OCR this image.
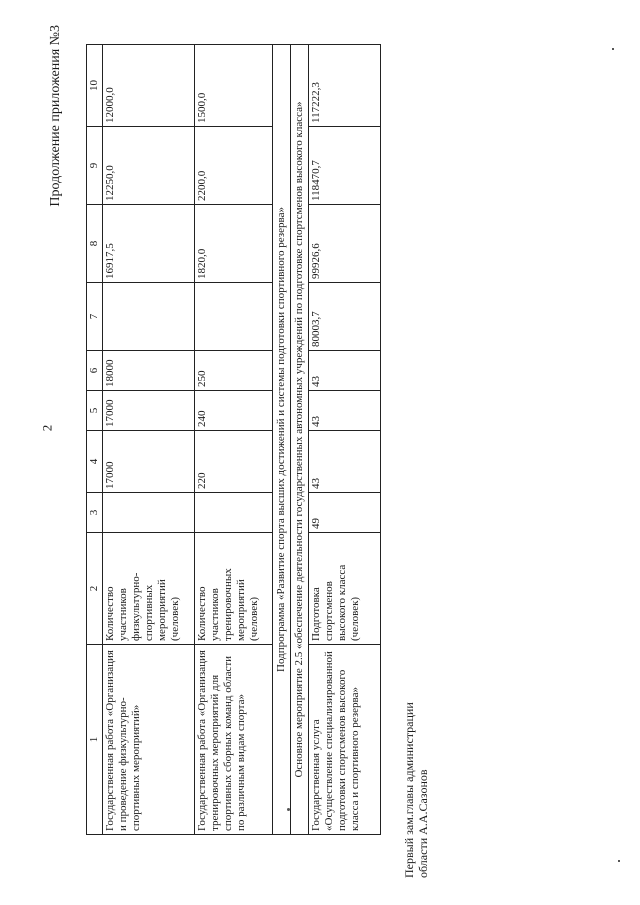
2
Продолжение приложения №3
1	2	3	4	5	6	7	8	9	10
Государственная работа «Организация и проведение физкультурно-спортивных мероприятий»	Количество участников физкультурно-спортивных мероприятий (человек)		17000	17000	18000		16917,5	12250,0	12000,0
Государственная работа «Организация тренировочных мероприятий для спортивных сборных команд области по различным видам спорта»	Количество участников тренировочных мероприятий (человек)		220	240	250		1820,0	2200,0	1500,0
Подпрограмма «Развитие спорта высших достижений и системы подготовки спортивного резерва»									
Основное мероприятие 2.5 «обеспечение деятельности государственных автономных учреждений по подготовке спортсменов высокого класса»									
Государственная услуга «Осуществление специализированной подготовки спортсменов высокого класса и спортивного резерва»	Подготовка спортсменов высокого класса (человек)	49	43	43	43	80003,7	99926,6	118470,7	117222,3
Первый зам.главы администрации области А.А.Сазонов
